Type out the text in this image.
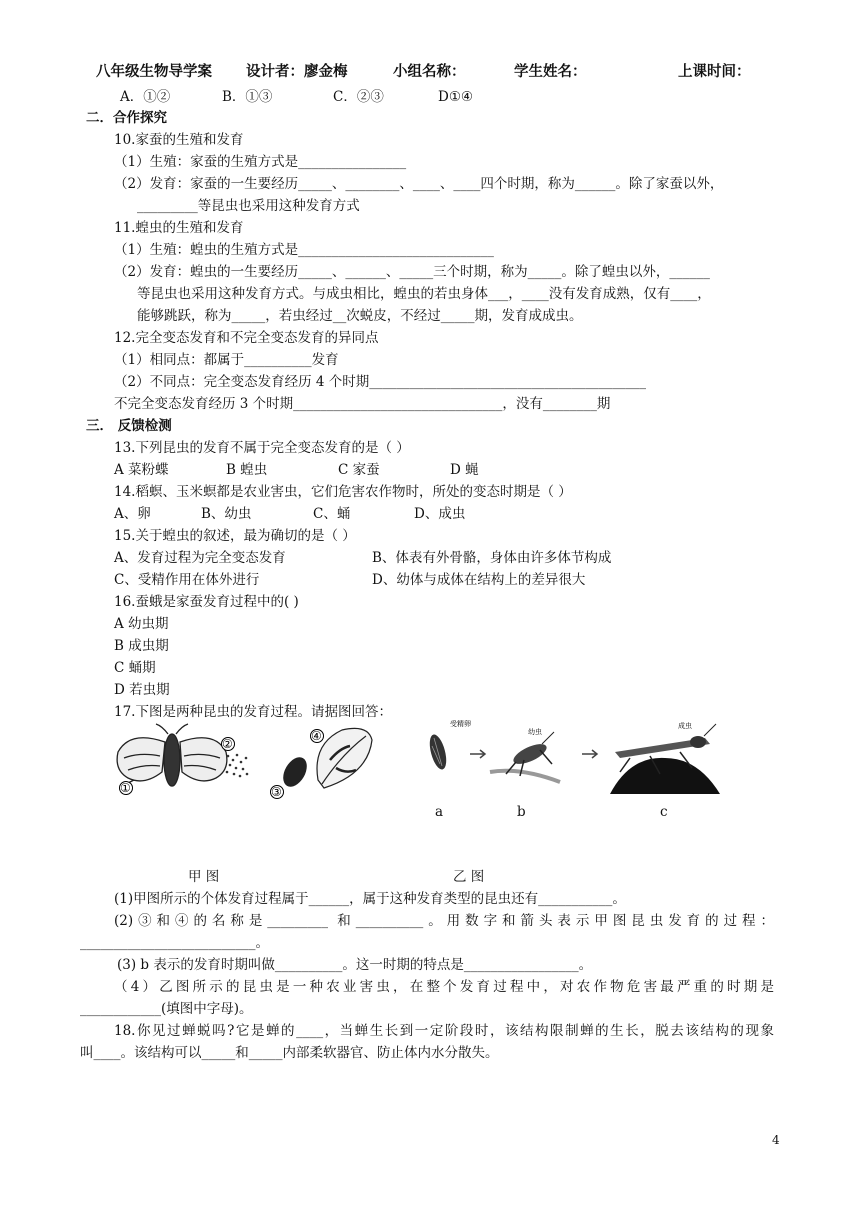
八年级生物导学案 设计者：廖金梅	小组名称：	学生姓名：	上课时间：
A．①②	B．①③	C．②③	D①④
二．合作探究
10.家蚕的生殖和发育
（1）生殖：家蚕的生殖方式是________________
（2）发育：家蚕的一生要经历_____、________、____、____四个时期，称为______。除了家蚕以外，
_________等昆虫也采用这种发育方式
11.蝗虫的生殖和发育
（1）生殖：蝗虫的生殖方式是_____________________________
（2）发育：蝗虫的一生要经历_____、______、_____三个时期，称为_____。除了蝗虫以外，______
等昆虫也采用这种发育方式。与成虫相比，蝗虫的若虫身体___，____没有发育成熟，仅有____，
能够跳跃，称为_____，若虫经过__次蜕皮，不经过_____期，发育成成虫。
12.完全变态发育和不完全变态发育的异同点
（1）相同点：都属于__________发育
（2）不同点：完全变态发育经历 4 个时期_________________________________________
不完全变态发育经历 3 个时期_______________________________，没有________期
三． 反馈检测
13.下列昆虫的发育不属于完全变态发育的是（ ）
A 菜粉蝶	B 蝗虫	C 家蚕	D 蝇
14.稻螟、玉米螟都是农业害虫，它们危害农作物时，所处的变态时期是（ ）
A、卵	B、幼虫	C、蛹	D、成虫
15.关于蝗虫的叙述，最为确切的是（ ）
A、发育过程为完全变态发育	B、体表有外骨骼，身体由许多体节构成
C、受精作用在体外进行	D、幼体与成体在结构上的差异很大
16.蚕蛾是家蚕发育过程中的( )
A 幼虫期
B 成虫期
C 蛹期
D 若虫期
17.下图是两种昆虫的发育过程。请据图回答：
①
②
③
④
受精卵
幼虫
成虫
a	b	c
甲 图	乙 图
(1)甲图所示的个体发育过程属于______，属于这种发育类型的昆虫还有___________。
(2)③和④的名称是_________ 和__________。用数字和箭头表示甲图昆虫发育的过程：
__________________________。
(3) b 表示的发育时期叫做__________。这一时期的特点是_________________。
（4）乙图所示的昆虫是一种农业害虫，在整个发育过程中，对农作物危害最严重的时期是
____________(填图中字母)。
18.你见过蝉蜕吗?它是蝉的____，当蝉生长到一定阶段时，该结构限制蝉的生长，脱去该结构的现象
叫____。该结构可以_____和_____内部柔软器官、防止体内水分散失。
4
